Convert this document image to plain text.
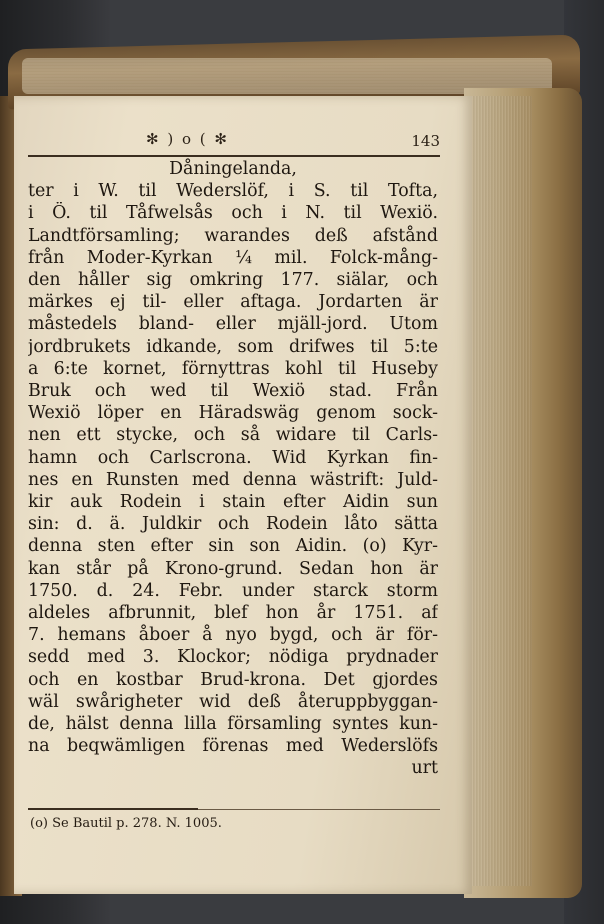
✻ ) o ( ✻	143
Dåningelanda,
ter i W. til Wederslöf, i S. til Tofta,
i Ö. til Tåfwelsås och i N. til Wexiö.
Landtförsamling; warandes deß afstånd
från Moder-Kyrkan ¼ mil. Folck-mång-
den håller sig omkring 177. siälar, och
märkes ej til- eller aftaga. Jordarten är
måstedels bland- eller mjäll-jord. Utom
jordbrukets idkande, som drifwes til 5:te
a 6:te kornet, förnyttras kohl til Huseby
Bruk och wed til Wexiö stad. Från
Wexiö löper en Häradswäg genom sock-
nen ett stycke, och så widare til Carls-
hamn och Carlscrona. Wid Kyrkan fin-
nes en Runsten med denna wästrift: Juld-
kir auk Rodein i stain efter Aidin sun
sin: d. ä. Juldkir och Rodein låto sätta
denna sten efter sin son Aidin. (o) Kyr-
kan står på Krono-grund. Sedan hon är
1750. d. 24. Febr. under starck storm
aldeles afbrunnit, blef hon år 1751. af
7. hemans åboer å nyo bygd, och är för-
sedd med 3. Klockor; nödiga prydnader
och en kostbar Brud-krona. Det gjordes
wäl swårigheter wid deß återuppbyggan-
de, hälst denna lilla församling syntes kun-
na beqwämligen förenas med Wederslöfs
urt
(o) Se Bautil p. 278. N. 1005.
